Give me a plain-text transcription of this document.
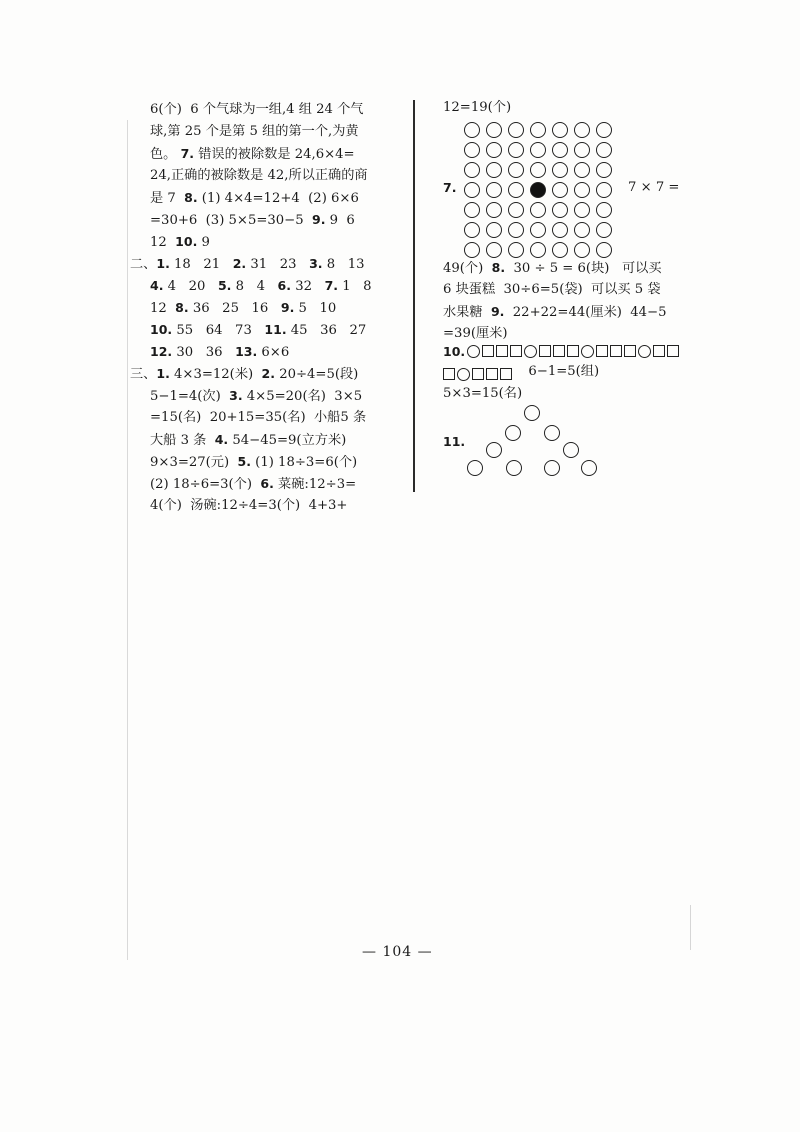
6(个)  6 个气球为一组,4 组 24 个气
球,第 25 个是第 5 组的第一个,为黄
色。 7. 错误的被除数是 24,6×4=
24,正确的被除数是 42,所以正确的商
是 7  8. (1) 4×4=12+4  (2) 6×6
=30+6  (3) 5×5=30−5  9. 9  6
12  10. 9
二、1. 18   21   2. 31   23   3. 8   13
4. 4   20   5. 8   4   6. 32   7. 1   8
12  8. 36   25   16   9. 5   10
10. 55   64   73   11. 45   36   27
12. 30   36   13. 6×6
三、1. 4×3=12(米)  2. 20÷4=5(段)
5−1=4(次)  3. 4×5=20(名)  3×5
=15(名)  20+15=35(名)  小船5 条
大船 3 条  4. 54−45=9(立方米)
9×3=27(元)  5. (1) 18÷3=6(个)
(2) 18÷6=3(个)  6. 菜碗:12÷3=
4(个)  汤碗:12÷4=3(个)  4+3+
12=19(个)
7.	7 × 7 =
49(个)  8.  30 ÷ 5 = 6(块)   可以买
6 块蛋糕  30÷6=5(袋)  可以买 5 袋
水果糖  9.  22+22=44(厘米)  44−5
=39(厘米)
10.
6−1=5(组)
5×3=15(名)
11.
— 104 —
